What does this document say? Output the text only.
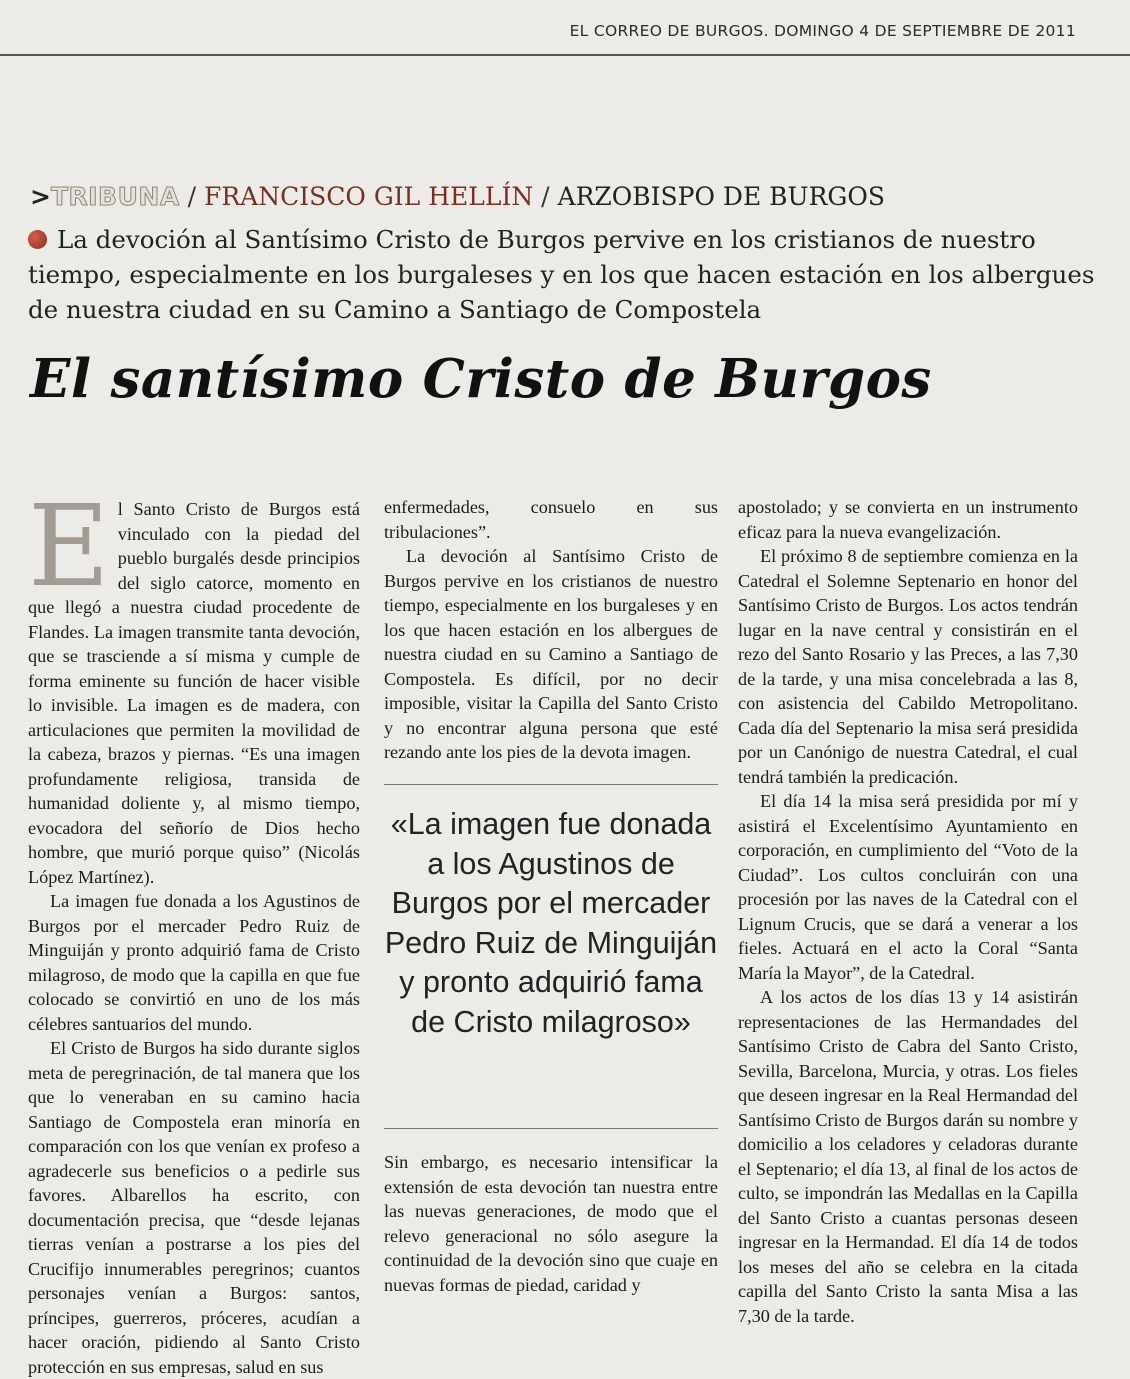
EL CORREO DE BURGOS. DOMINGO 4 DE SEPTIEMBRE DE 2011
>TRIBUNA / FRANCISCO GIL HELLÍN / ARZOBISPO DE BURGOS
La devoción al Santísimo Cristo de Burgos pervive en los cristianos de nuestro tiempo, especialmente en los burgaleses y en los que hacen estación en los albergues de nuestra ciudad en su Camino a Santiago de Compostela
El santísimo Cristo de Burgos

El Santo Cristo de Burgos está vinculado con la piedad del pueblo burgalés desde principios del siglo catorce, momento en que llegó a nuestra ciudad procedente de Flandes. La imagen transmite tanta devoción, que se trasciende a sí misma y cumple de forma eminente su función de hacer visible lo invisible. La imagen es de madera, con articulaciones que permiten la movilidad de la cabeza, brazos y piernas. “Es una imagen profundamente religiosa, transida de humanidad doliente y, al mismo tiempo, evocadora del señorío de Dios hecho hombre, que murió porque quiso” (Nicolás López Martínez).

La imagen fue donada a los Agustinos de Burgos por el mercader Pedro Ruiz de Minguiján y pronto adquirió fama de Cristo milagroso, de modo que la capilla en que fue colocado se convirtió en uno de los más célebres santuarios del mundo.

El Cristo de Burgos ha sido durante siglos meta de peregrinación, de tal manera que los que lo veneraban en su camino hacia Santiago de Compostela eran minoría en comparación con los que venían ex profeso a agradecerle sus beneficios o a pedirle sus favores. Albarellos ha escrito, con documentación precisa, que “desde lejanas tierras venían a postrarse a los pies del Crucifijo innumerables peregrinos; cuantos personajes venían a Burgos: santos, príncipes, guerreros, próceres, acudían a hacer oración, pidiendo al Santo Cristo protección en sus empresas, salud en sus

enfermedades, consuelo en sus tribulaciones”.

La devoción al Santísimo Cristo de Burgos pervive en los cristianos de nuestro tiempo, especialmente en los burgaleses y en los que hacen estación en los albergues de nuestra ciudad en su Camino a Santiago de Compostela. Es difícil, por no decir imposible, visitar la Capilla del Santo Cristo y no encontrar alguna persona que esté rezando ante los pies de la devota imagen.

«La imagen fue donada a los Agustinos de Burgos por el mercader Pedro Ruiz de Minguiján y pronto adquirió fama de Cristo milagroso»

Sin embargo, es necesario intensificar la extensión de esta devoción tan nuestra entre las nuevas generaciones, de modo que el relevo generacional no sólo asegure la continuidad de la devoción sino que cuaje en nuevas formas de piedad, caridad y

apostolado; y se convierta en un instrumento eficaz para la nueva evangelización.

El próximo 8 de septiembre comienza en la Catedral el Solemne Septenario en honor del Santísimo Cristo de Burgos. Los actos tendrán lugar en la nave central y consistirán en el rezo del Santo Rosario y las Preces, a las 7,30 de la tarde, y una misa concelebrada a las 8, con asistencia del Cabildo Metropolitano. Cada día del Septenario la misa será presidida por un Canónigo de nuestra Catedral, el cual tendrá también la predicación.

El día 14 la misa será presidida por mí y asistirá el Excelentísimo Ayuntamiento en corporación, en cumplimiento del “Voto de la Ciudad”. Los cultos concluirán con una procesión por las naves de la Catedral con el Lignum Crucis, que se dará a venerar a los fieles. Actuará en el acto la Coral “Santa María la Mayor”, de la Catedral.

A los actos de los días 13 y 14 asistirán representaciones de las Hermandades del Santísimo Cristo de Cabra del Santo Cristo, Sevilla, Barcelona, Murcia, y otras. Los fieles que deseen ingresar en la Real Hermandad del Santísimo Cristo de Burgos darán su nombre y domicilio a los celadores y celadoras durante el Septenario; el día 13, al final de los actos de culto, se impondrán las Medallas en la Capilla del Santo Cristo a cuantas personas deseen ingresar en la Hermandad. El día 14 de todos los meses del año se celebra en la citada capilla del Santo Cristo la santa Misa a las 7,30 de la tarde.
